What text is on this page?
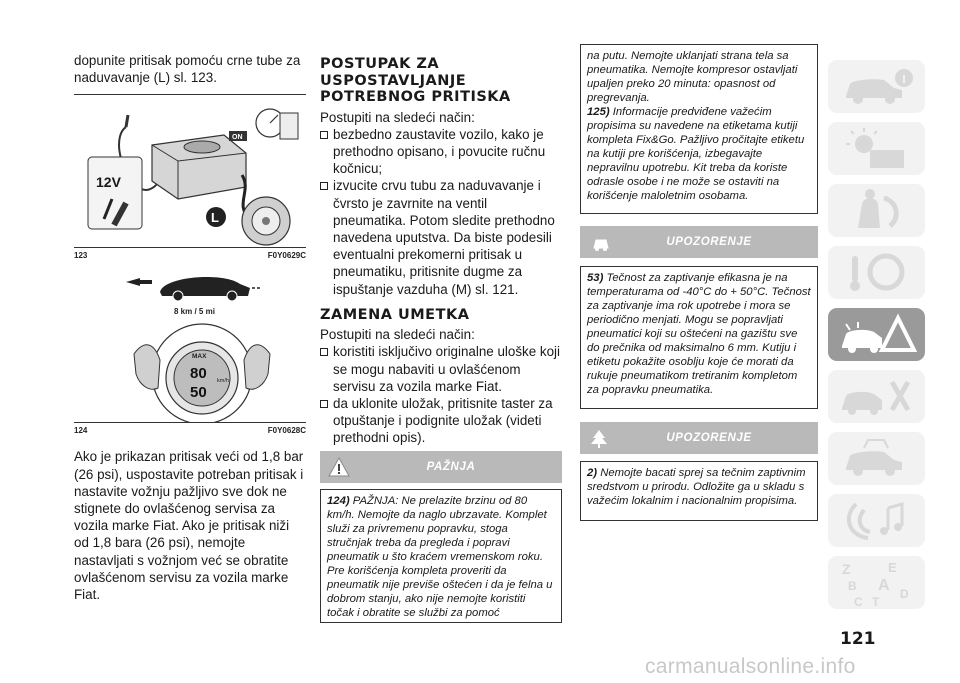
dopunite pritisak pomoću crne tube za naduvavanje (L) sl. 123.

ON
12V
L
123	F0Y0629C
8 km / 5 mi
MAX
80
50
km/h
124	F0Y0628C

Ako je prikazan pritisak veći od 1,8 bar (26 psi), uspostavite potreban pritisak i nastavite vožnju pažljivo sve dok ne stignete do ovlašćenog servisa za vozila marke Fiat. Ako je pritisak niži od 1,8 bara (26 psi), nemojte nastavljati s vožnjom već se obratite ovlašćenom servisu za vozila marke Fiat.

POSTUPAK ZA USPOSTAVLJANJE POTREBNOG PRITISKA

Postupiti na sledeći način:

bezbedno zaustavite vozilo, kako je prethodno opisano, i povucite ručnu kočnicu;
izvucite crvu tubu za naduvavanje i čvrsto je zavrnite na ventil pneumatika. Potom sledite prethodno navedena uputstva. Da biste podesili eventualni prekomerni pritisak u pneumatiku, pritisnite dugme za ispuštanje vazduha (M) sl. 121.
ZAMENA UMETKA

Postupiti na sledeći način:

koristiti isključivo originalne uloške koji se mogu nabaviti u ovlašćenom servisu za vozila marke Fiat.
da uklonite uložak, pritisnite taster za otpuštanje i podignite uložak (videti prethodni opis).
PAŽNJA
124) PAŽNJA: Ne prelazite brzinu od 80 km/h. Nemojte da naglo ubrzavate. Komplet služi za privremenu popravku, stoga stručnjak treba da pregleda i popravi pneumatik u što kraćem vremenskom roku. Pre korišćenja kompleta proveriti da pneumatik nije previše oštećen i da je felna u dobrom stanju, ako nije nemojte koristiti točak i obratite se službi za pomoć
na putu. Nemojte uklanjati strana tela sa pneumatika. Nemojte kompresor ostavljati upaljen preko 20 minuta: opasnost od pregrevanja.
125) Informacije predviđene važećim propisima su navedene na etiketama kutiji kompleta Fix&Go. Pažljivo pročitajte etiketu na kutiji pre korišćenja, izbegavajte nepravilnu upotrebu. Kit treba da koriste odrasle osobe i ne može se ostaviti na korišćenje maloletnim osobama.
UPOZORENJE
53) Tečnost za zaptivanje efikasna je na temperaturama od -40°C do + 50°C. Tečnost za zaptivanje ima rok upotrebe i mora se periodično menjati. Mogu se popravljati pneumatici koji su oštećeni na gazištu sve do prečnika od maksimalno 6 mm. Kutiju i etiketu pokažite osoblju koje će morati da rukuje pneumatikom tretiranim kompletom za popravku pneumatika.
UPOZORENJE
2) Nemojte bacati sprej sa tečnim zaptivnim sredstvom u prirodu. Odložite ga u skladu s važećim lokalnim i nacionalnim propisima.
Z	E
B A
C
D
T
121
carmanualsonline.info
